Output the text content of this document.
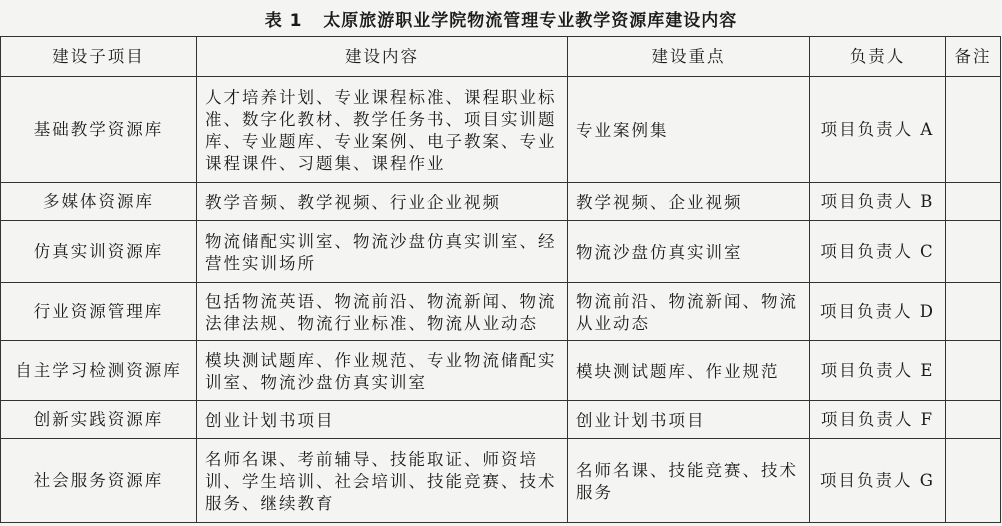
表 1 太原旅游职业学院物流管理专业教学资源库建设内容
建设子项目	建设内容	建设重点	负责人	备注
基础教学资源库	人才培养计划、专业课程标准、课程职业标准、数字化教材、教学任务书、项目实训题库、专业题库、专业案例、电子教案、专业课程课件、习题集、课程作业	专业案例集	项目负责人 A	
多媒体资源库	教学音频、教学视频、行业企业视频	教学视频、企业视频	项目负责人 B	
仿真实训资源库	物流储配实训室、物流沙盘仿真实训室、经营性实训场所	物流沙盘仿真实训室	项目负责人 C	
行业资源管理库	包括物流英语、物流前沿、物流新闻、物流法律法规、物流行业标准、物流从业动态	物流前沿、物流新闻、物流从业动态	项目负责人 D	
自主学习检测资源库	模块测试题库、作业规范、专业物流储配实训室、物流沙盘仿真实训室	模块测试题库、作业规范	项目负责人 E	
创新实践资源库	创业计划书项目	创业计划书项目	项目负责人 F	
社会服务资源库	名师名课、考前辅导、技能取证、师资培训、学生培训、社会培训、技能竞赛、技术服务、继续教育	名师名课、技能竞赛、技术服务	项目负责人 G	
